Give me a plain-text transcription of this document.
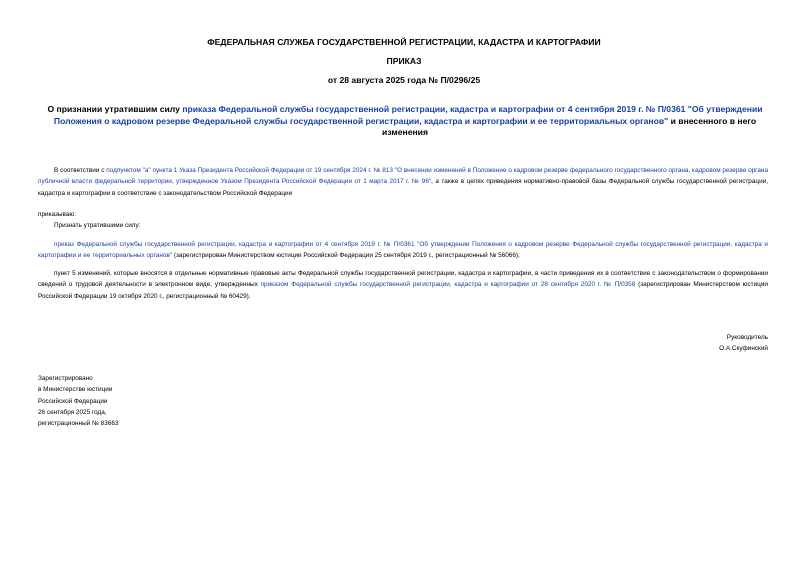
ФЕДЕРАЛЬНАЯ СЛУЖБА ГОСУДАРСТВЕННОЙ РЕГИСТРАЦИИ, КАДАСТРА И КАРТОГРАФИИ
ПРИКАЗ
от 28 августа 2025 года № П/0296/25
О признании утратившим силу приказа Федеральной службы государственной регистрации, кадастра и картографии от 4 сентября 2019 г. № П/0361 "Об утверждении Положения о кадровом резерве Федеральной службы государственной регистрации, кадастра и картографии и ее территориальных органов" и внесенного в него изменения
В соответствии с подпунктом "а" пункта 1 Указа Президента Российской Федерации от 19 сентября 2024 г. № 813 "О внесении изменений в Положение о кадровом резерве федерального государственного органа, кадровом резерве органа публичной власти федеральной территории, утвержденное Указом Президента Российской Федерации от 1 марта 2017 г. № 96", а также в целях приведения нормативно-правовой базы Федеральной службы государственной регистрации, кадастра и картографии в соответствие с законодательством Российской Федерации
приказываю:
Признать утратившими силу:
приказ Федеральной службы государственной регистрации, кадастра и картографии от 4 сентября 2019 г. № П/0361 "Об утверждении Положения о кадровом резерве Федеральной службы государственной регистрации, кадастра и картографии и ее территориальных органов" (зарегистрирован Министерством юстиции Российской Федерации 25 сентября 2019 г., регистрационный № 56066);
пункт 5 изменений, которые вносятся в отдельные нормативные правовые акты Федеральной службы государственной регистрации, кадастра и картографии, в части приведения их в соответствие с законодательством о формировании сведений о трудовой деятельности в электронном виде, утвержденных приказом Федеральной службы государственной регистрации, кадастра и картографии от 28 сентября 2020 г. № П/0358 (зарегистрирован Министерством юстиции Российской Федерации 19 октября 2020 г., регистрационный № 60429).
Руководитель
О.А.Скуфинский
Зарегистрировано
в Министерстве юстиции
Российской Федерации
26 сентября 2025 года,
регистрационный № 83663
